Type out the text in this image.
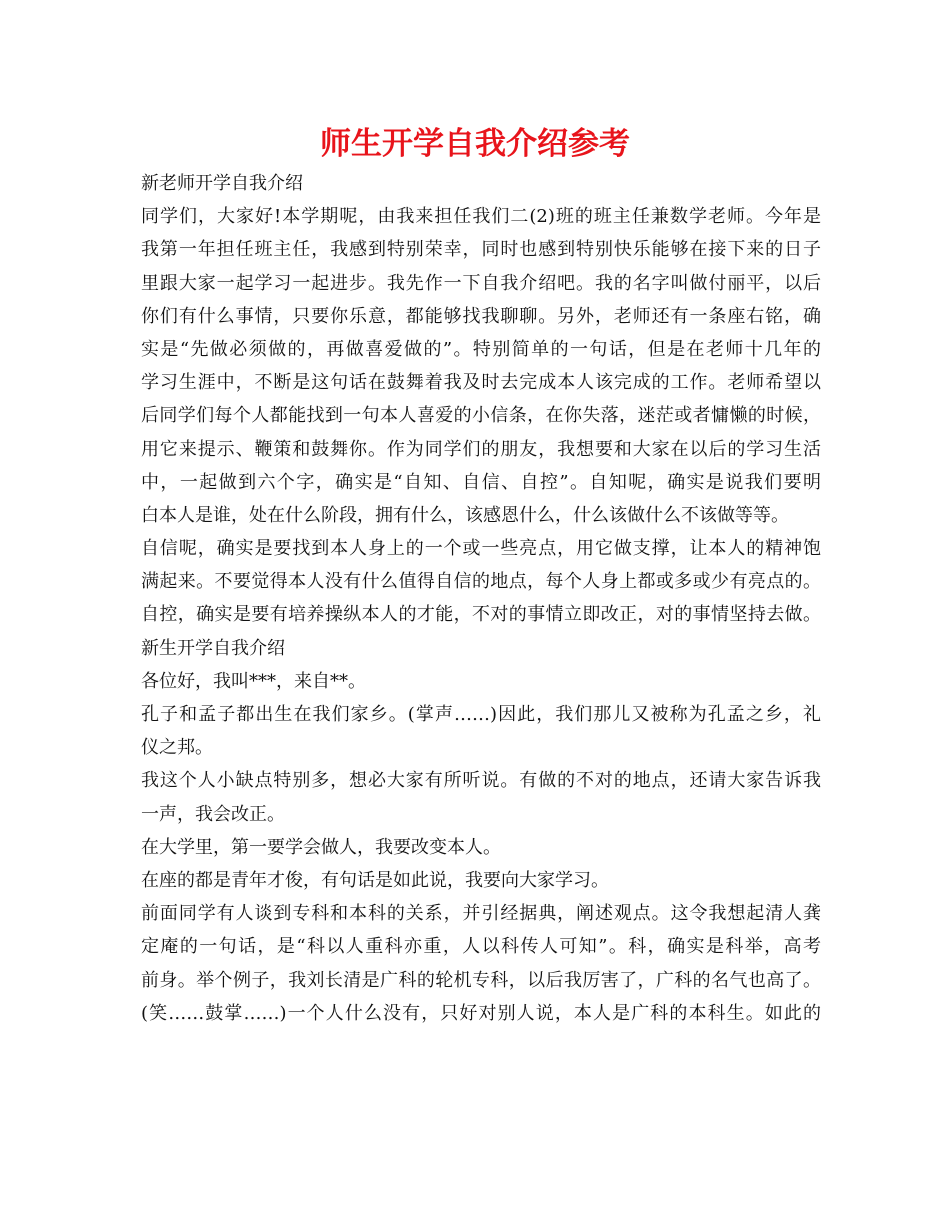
师生开学自我介绍参考
新老师开学自我介绍
同学们，大家好!本学期呢，由我来担任我们二(2)班的班主任兼数学老师。今年是
我第一年担任班主任，我感到特别荣幸，同时也感到特别快乐能够在接下来的日子
里跟大家一起学习一起进步。我先作一下自我介绍吧。我的名字叫做付丽平，以后
你们有什么事情，只要你乐意，都能够找我聊聊。另外，老师还有一条座右铭，确
实是“先做必须做的，再做喜爱做的”。特别简单的一句话，但是在老师十几年的
学习生涯中，不断是这句话在鼓舞着我及时去完成本人该完成的工作。老师希望以
后同学们每个人都能找到一句本人喜爱的小信条，在你失落，迷茫或者慵懒的时候，
用它来提示、鞭策和鼓舞你。作为同学们的朋友，我想要和大家在以后的学习生活
中，一起做到六个字，确实是“自知、自信、自控”。自知呢，确实是说我们要明
白本人是谁，处在什么阶段，拥有什么，该感恩什么，什么该做什么不该做等等。
自信呢，确实是要找到本人身上的一个或一些亮点，用它做支撑，让本人的精神饱
满起来。不要觉得本人没有什么值得自信的地点，每个人身上都或多或少有亮点的。
自控，确实是要有培养操纵本人的才能，不对的事情立即改正，对的事情坚持去做。
新生开学自我介绍
各位好，我叫***，来自**。
孔子和孟子都出生在我们家乡。(掌声……)因此，我们那儿又被称为孔孟之乡，礼
仪之邦。
我这个人小缺点特别多，想必大家有所听说。有做的不对的地点，还请大家告诉我
一声，我会改正。
在大学里，第一要学会做人，我要改变本人。
在座的都是青年才俊，有句话是如此说，我要向大家学习。
前面同学有人谈到专科和本科的关系，并引经据典，阐述观点。这令我想起清人龚
定庵的一句话，是“科以人重科亦重，人以科传人可知”。科，确实是科举，高考
前身。举个例子，我刘长清是广科的轮机专科，以后我厉害了，广科的名气也高了。
(笑……鼓掌……)一个人什么没有，只好对别人说，本人是广科的本科生。如此的
